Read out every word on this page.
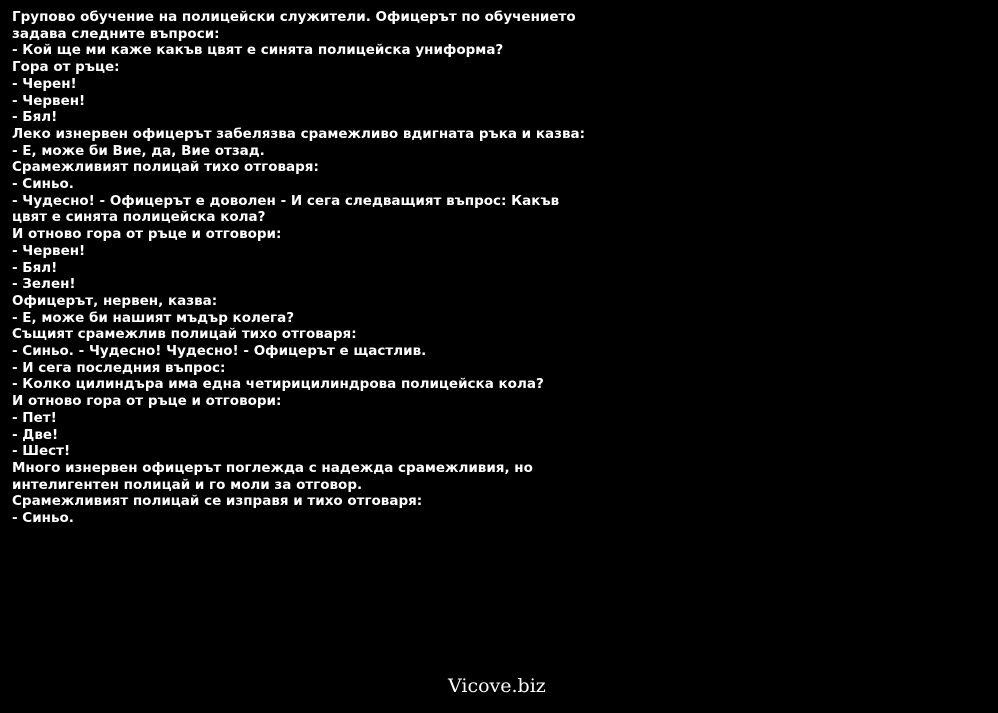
Групово обучение на полицейски служители. Офицерът по обучението
задава следните въпроси:
- Кой ще ми каже какъв цвят е синята полицейска униформа?
Гора от ръце:
- Черен!
- Червен!
- Бял!
Леко изнервен офицерът забелязва срамежливо вдигната ръка и казва:
- Е, може би Вие, да, Вие отзад.
Срамежливият полицай тихо отговаря:
- Синьо.
- Чудесно! - Офицерът е доволен - И сега следващият въпрос: Какъв
цвят е синята полицейска кола?
И отново гора от ръце и отговори:
- Червен!
- Бял!
- Зелен!
Офицерът, нервен, казва:
- Е, може би нашият мъдър колега?
Същият срамежлив полицай тихо отговаря:
- Синьо. - Чудесно! Чудесно! - Офицерът е щастлив.
- И сега последния въпрос:
- Колко цилиндъра има една четирицилиндрова полицейска кола?
И отново гора от ръце и отговори:
- Пет!
- Две!
- Шест!
Много изнервен офицерът поглежда с надежда срамежливия, но
интелигентен полицай и го моли за отговор.
Срамежливият полицай се изправя и тихо отговаря:
- Синьо.
Vicove.biz
